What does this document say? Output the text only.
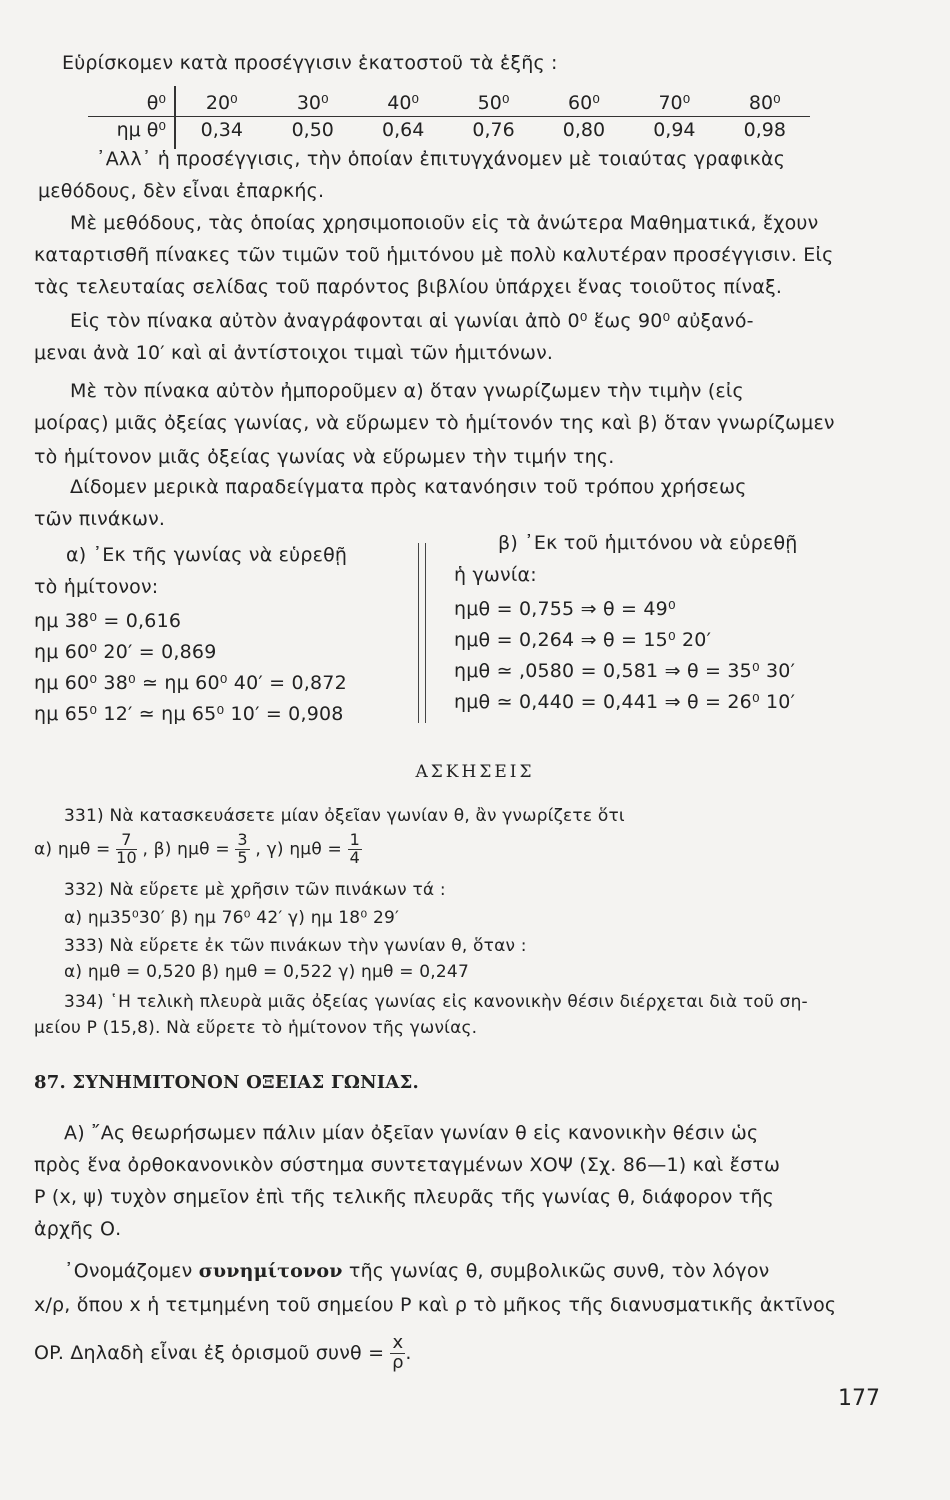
Εὑρίσκομεν κατὰ προσέγγισιν ἑκατοστοῦ τὰ ἑξῆς :
θ⁰	20⁰	30⁰	40⁰	50⁰	60⁰	70⁰	80⁰
ημ θ⁰	0,34	0,50	0,64	0,76	0,80	0,94	0,98
᾿Αλλ᾿ ἡ προσέγγισις, τὴν ὁποίαν ἐπιτυγχάνομεν μὲ τοιαύτας γραφικὰς
μεθόδους, δὲν εἶναι ἐπαρκής.
Μὲ μεθόδους, τὰς ὁποίας χρησιμοποιοῦν εἰς τὰ ἀνώτερα Μαθηματικά, ἔχουν
καταρτισθῆ πίνακες τῶν τιμῶν τοῦ ἡμιτόνου μὲ πολὺ καλυτέραν προσέγγισιν. Εἰς
τὰς τελευταίας σελίδας τοῦ παρόντος βιβλίου ὑπάρχει ἕνας τοιοῦτος πίναξ.
Εἰς τὸν πίνακα αὐτὸν ἀναγράφονται αἱ γωνίαι ἀπὸ 0⁰ ἕως 90⁰ αὐξανό-
μεναι ἀνὰ 10′ καὶ αἱ ἀντίστοιχοι τιμαὶ τῶν ἡμιτόνων.
Μὲ τὸν πίνακα αὐτὸν ἠμποροῦμεν α) ὅταν γνωρίζωμεν τὴν τιμὴν (εἰς
μοίρας) μιᾶς ὀξείας γωνίας, νὰ εὕρωμεν τὸ ἡμίτονόν της καὶ β) ὅταν γνωρίζωμεν
τὸ ἡμίτονον μιᾶς ὀξείας γωνίας νὰ εὕρωμεν τὴν τιμήν της.
Δίδομεν μερικὰ παραδείγματα πρὸς κατανόησιν τοῦ τρόπου χρήσεως
τῶν πινάκων.
α) ᾿Εκ τῆς γωνίας νὰ εὑρεθῇ
τὸ ἡμίτονον:
ημ 38⁰ = 0,616
ημ 60⁰ 20′ = 0,869
ημ 60⁰ 38⁰ ≃ ημ 60⁰ 40′ = 0,872
ημ 65⁰ 12′ ≃ ημ 65⁰ 10′ = 0,908
β) ᾿Εκ τοῦ ἡμιτόνου νὰ εὑρεθῇ
ἡ γωνία:
ημθ = 0,755 ⇒ θ = 49⁰
ημθ = 0,264 ⇒ θ = 15⁰ 20′
ημθ ≃ ,0580 = 0,581 ⇒ θ = 35⁰ 30′
ημθ ≃ 0,440 = 0,441 ⇒ θ = 26⁰ 10′
ΑΣΚΗΣΕΙΣ
331) Νὰ κατασκευάσετε μίαν ὀξεῖαν γωνίαν θ, ἂν γνωρίζετε ὅτι
α) $\eta\mu\theta = \frac{7}{10}$ , β) $\eta\mu\theta = \frac{3}{5}$ , γ) $\eta\mu\theta = \frac{1}{4}$
332) Νὰ εὕρετε μὲ χρῆσιν τῶν πινάκων τά :
α) ημ35⁰30′ β) ημ 76⁰ 42′ γ) ημ 18⁰ 29′
333) Νὰ εὕρετε ἐκ τῶν πινάκων τὴν γωνίαν θ, ὅταν :
α) ημθ = 0,520 β) ημθ = 0,522 γ) ημθ = 0,247
334) ῾Η τελικὴ πλευρὰ μιᾶς ὀξείας γωνίας εἰς κανονικὴν θέσιν διέρχεται διὰ τοῦ ση-
μείου P (15,8). Νὰ εὕρετε τὸ ἡμίτονον τῆς γωνίας.
87. ΣΥΝΗΜΙΤΟΝΟΝ ΟΞΕΙΑΣ ΓΩΝΙΑΣ.
Α) ῎Ας θεωρήσωμεν πάλιν μίαν ὀξεῖαν γωνίαν θ εἰς κανονικὴν θέσιν ὡς
πρὸς ἕνα ὀρθοκανονικὸν σύστημα συντεταγμένων ΧΟΨ (Σχ. 86—1) καὶ ἔστω
P (x, ψ) τυχὸν σημεῖον ἐπὶ τῆς τελικῆς πλευρᾶς τῆς γωνίας θ, διάφορον τῆς
ἀρχῆς Ο.
᾿Ονομάζομεν συνημίτονον τῆς γωνίας θ, συμβολικῶς συνθ, τὸν λόγον
x/ρ, ὅπου x ἡ τετμημένη τοῦ σημείου P καὶ ρ τὸ μῆκος τῆς διανυσματικῆς ἀκτῖνος
OP. Δηλαδὴ εἶναι ἐξ ὁρισμοῦ $\sigma\upsilon\nu\theta = \frac{x}{\rho}$ .
177
